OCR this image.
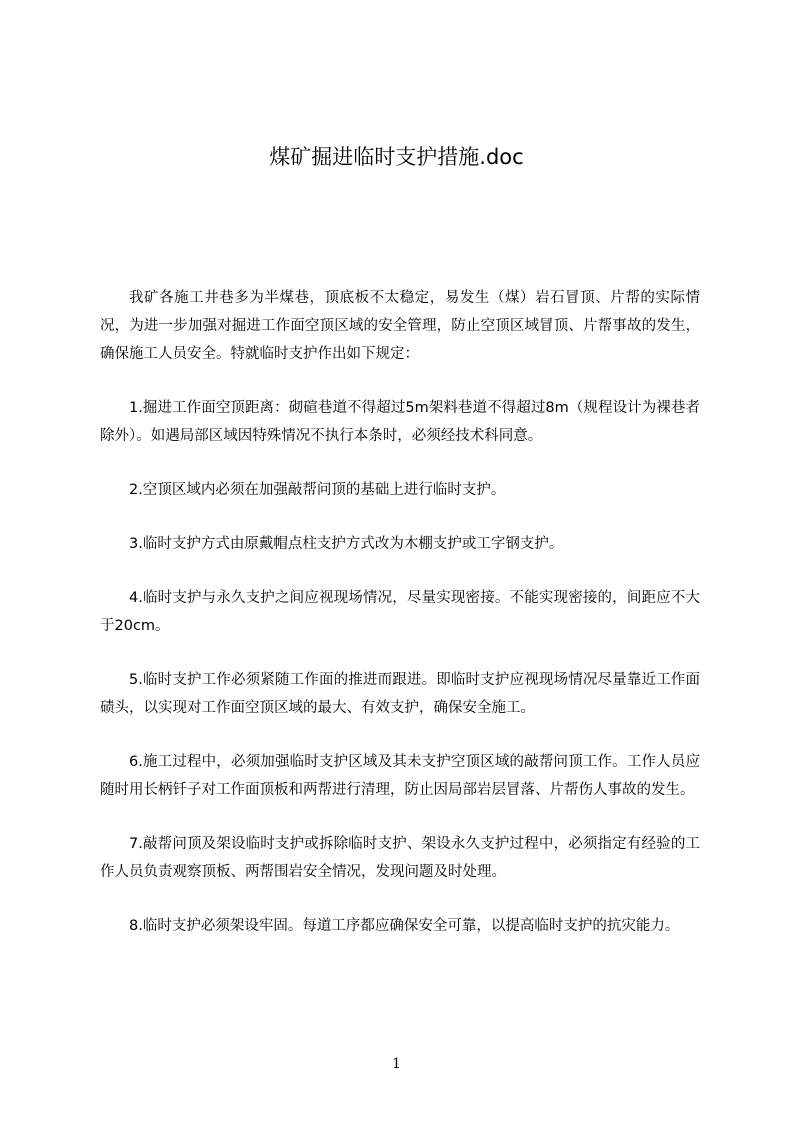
煤矿掘进临时支护措施.doc

我矿各施工井巷多为半煤巷，顶底板不太稳定，易发生（煤）岩石冒顶、片帮的实际情况，为进一步加强对掘进工作面空顶区域的安全管理，防止空顶区域冒顶、片帮事故的发生，确保施工人员安全。特就临时支护作出如下规定：

1.掘进工作面空顶距离：砌碹巷道不得超过5m架料巷道不得超过8m（规程设计为裸巷者除外）。如遇局部区域因特殊情况不执行本条时，必须经技术科同意。

2.空顶区域内必须在加强敲帮问顶的基础上进行临时支护。

3.临时支护方式由原戴帽点柱支护方式改为木棚支护或工字钢支护。

4.临时支护与永久支护之间应视现场情况，尽量实现密接。不能实现密接的，间距应不大于20cm。

5.临时支护工作必须紧随工作面的推进而跟进。即临时支护应视现场情况尽量靠近工作面碛头，以实现对工作面空顶区域的最大、有效支护，确保安全施工。

6.施工过程中，必须加强临时支护区域及其未支护空顶区域的敲帮问顶工作。工作人员应随时用长柄钎子对工作面顶板和两帮进行清理，防止因局部岩层冒落、片帮伤人事故的发生。

7.敲帮问顶及架设临时支护或拆除临时支护、架设永久支护过程中，必须指定有经验的工作人员负责观察顶板、两帮围岩安全情况，发现问题及时处理。

8.临时支护必须架设牢固。每道工序都应确保安全可靠，以提高临时支护的抗灾能力。

1
